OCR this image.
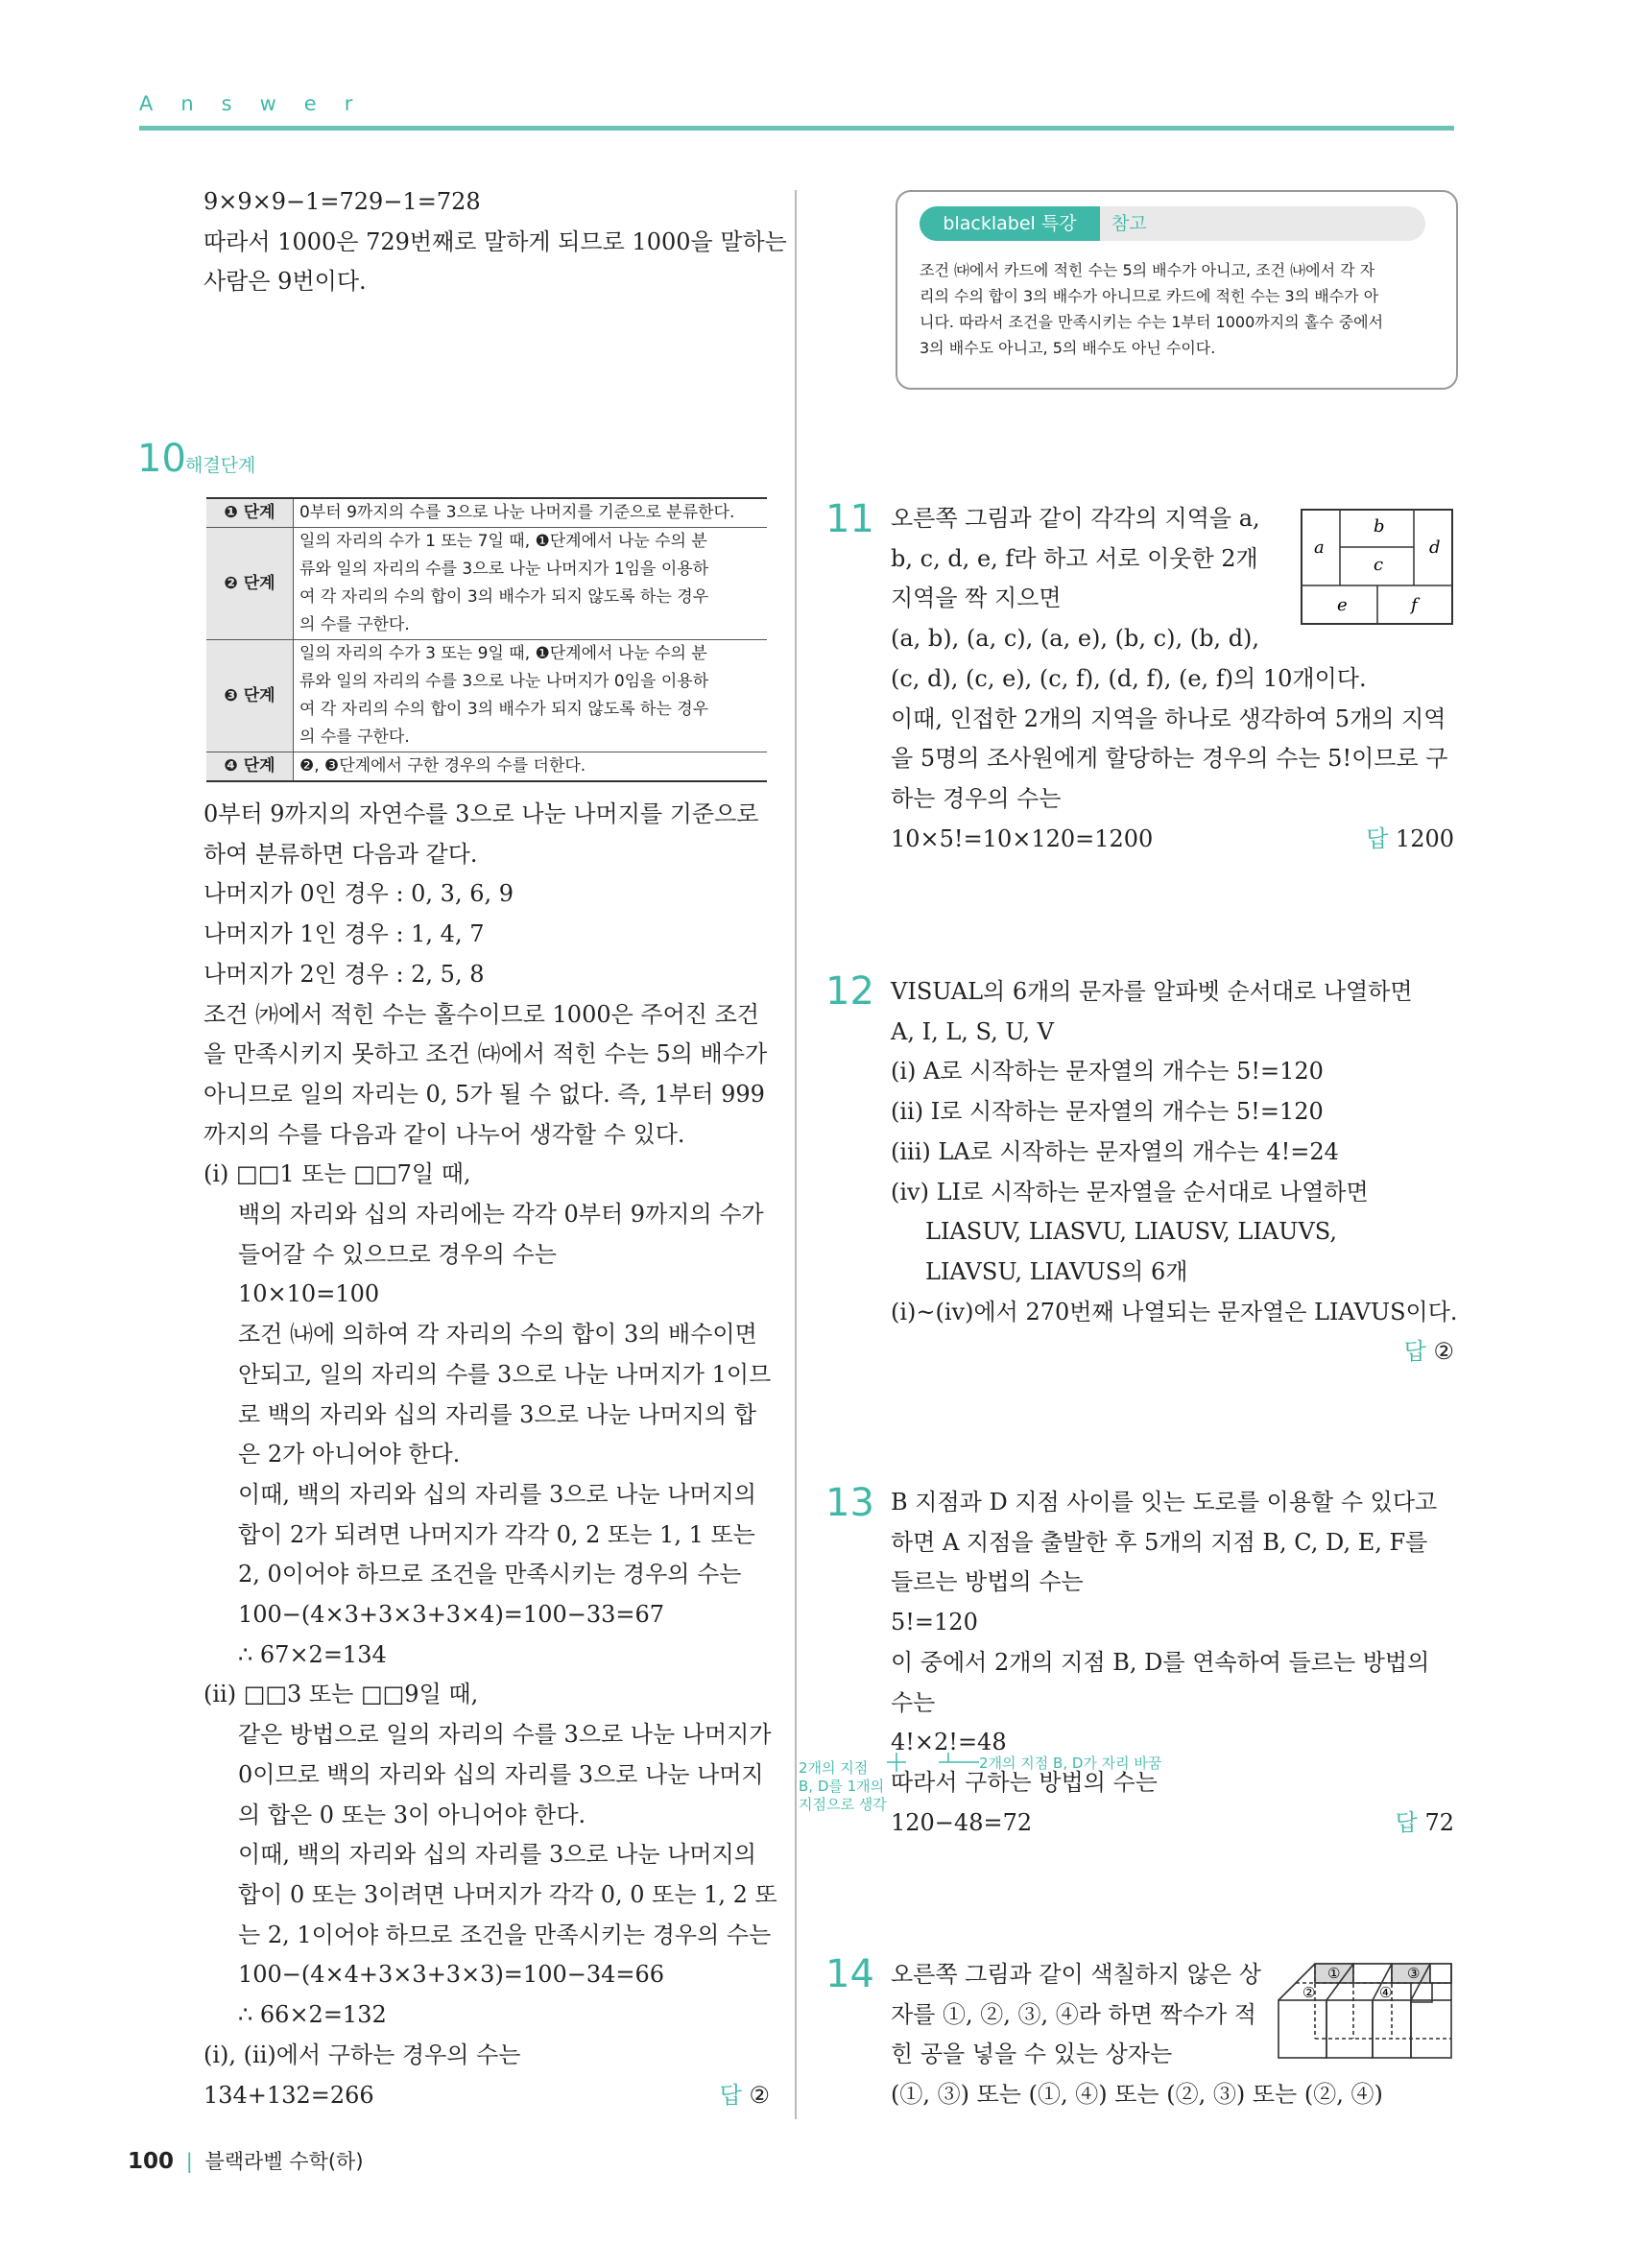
Answer

9×9×9−1=729−1=728

따라서 1000은 729번째로 말하게 되므로 1000을 말하는

사람은 9번이다.

blacklabel 특강	참고

조건 ㈐에서 카드에 적힌 수는 5의 배수가 아니고, 조건 ㈏에서 각 자

리의 수의 합이 3의 배수가 아니므로 카드에 적힌 수는 3의 배수가 아

니다. 따라서 조건을 만족시키는 수는 1부터 1000까지의 홀수 중에서

3의 배수도 아니고, 5의 배수도 아닌 수이다.

10 해결단계
❶ 단계	0부터 9까지의 수를 3으로 나눈 나머지를 기준으로 분류한다.

❷ 단계	일의 자리의 수가 1 또는 7일 때, ❶단계에서 나눈 수의 분
류와 일의 자리의 수를 3으로 나눈 나머지가 1임을 이용하
여 각 자리의 수의 합이 3의 배수가 되지 않도록 하는 경우
의 수를 구한다.

❸ 단계	일의 자리의 수가 3 또는 9일 때, ❶단계에서 나눈 수의 분
류와 일의 자리의 수를 3으로 나눈 나머지가 0임을 이용하
여 각 자리의 수의 합이 3의 배수가 되지 않도록 하는 경우
의 수를 구한다.

❹ 단계	❷, ❸단계에서 구한 경우의 수를 더한다.

0부터 9까지의 자연수를 3으로 나눈 나머지를 기준으로

하여 분류하면 다음과 같다.

나머지가 0인 경우 : 0, 3, 6, 9

나머지가 1인 경우 : 1, 4, 7

나머지가 2인 경우 : 2, 5, 8

조건 ㈎에서 적힌 수는 홀수이므로 1000은 주어진 조건

을 만족시키지 못하고 조건 ㈐에서 적힌 수는 5의 배수가

아니므로 일의 자리는 0, 5가 될 수 없다. 즉, 1부터 999

까지의 수를 다음과 같이 나누어 생각할 수 있다.

(ⅰ) □□1 또는 □□7일 때,

백의 자리와 십의 자리에는 각각 0부터 9까지의 수가

들어갈 수 있으므로 경우의 수는

10×10=100

조건 ㈏에 의하여 각 자리의 수의 합이 3의 배수이면

안되고, 일의 자리의 수를 3으로 나눈 나머지가 1이므

로 백의 자리와 십의 자리를 3으로 나눈 나머지의 합

은 2가 아니어야 한다.

이때, 백의 자리와 십의 자리를 3으로 나눈 나머지의

합이 2가 되려면 나머지가 각각 0, 2 또는 1, 1 또는

2, 0이어야 하므로 조건을 만족시키는 경우의 수는

100−(4×3+3×3+3×4)=100−33=67

∴ 67×2=134

(ⅱ) □□3 또는 □□9일 때,

같은 방법으로 일의 자리의 수를 3으로 나눈 나머지가

0이므로 백의 자리와 십의 자리를 3으로 나눈 나머지

의 합은 0 또는 3이 아니어야 한다.

이때, 백의 자리와 십의 자리를 3으로 나눈 나머지의

합이 0 또는 3이려면 나머지가 각각 0, 0 또는 1, 2 또

는 2, 1이어야 하므로 조건을 만족시키는 경우의 수는

100−(4×4+3×3+3×3)=100−34=66

∴ 66×2=132

(ⅰ), (ⅱ)에서 구하는 경우의 수는

134+132=266	답 ②

11 오른쪽 그림과 같이 각각의 지역을 a,

b, c, d, e, f라 하고 서로 이웃한 2개

지역을 짝 지으면

(a, b), (a, c), (a, e), (b, c), (b, d),

(c, d), (c, e), (c, f), (d, f), (e, f)의 10개이다.

이때, 인접한 2개의 지역을 하나로 생각하여 5개의 지역

을 5명의 조사원에게 할당하는 경우의 수는 5!이므로 구

하는 경우의 수는

10×5!=10×120=1200	답 1200

a
b
c
d
e	f
12 VISUAL의 6개의 문자를 알파벳 순서대로 나열하면

A, I, L, S, U, V

(ⅰ) A로 시작하는 문자열의 개수는 5!=120

(ⅱ) I로 시작하는 문자열의 개수는 5!=120

(ⅲ) LA로 시작하는 문자열의 개수는 4!=24

(ⅳ) LI로 시작하는 문자열을 순서대로 나열하면

LIASUV, LIASVU, LIAUSV, LIAUVS,

LIAVSU, LIAVUS의 6개

(ⅰ)~(ⅳ)에서 270번째 나열되는 문자열은 LIAVUS이다.

답 ②

13 B 지점과 D 지점 사이를 잇는 도로를 이용할 수 있다고

하면 A 지점을 출발한 후 5개의 지점 B, C, D, E, F를

들르는 방법의 수는

5!=120

이 중에서 2개의 지점 B, D를 연속하여 들르는 방법의

수는

4!×2!=48

따라서 구하는 방법의 수는

120−48=72	답 72

2개의 지점
B, D를 1개의
지점으로 생각
2개의 지점 B, D가 자리 바꿈
14 오른쪽 그림과 같이 색칠하지 않은 상

자를 ①, ②, ③, ④라 하면 짝수가 적

힌 공을 넣을 수 있는 상자는

(①, ③) 또는 (①, ④) 또는 (②, ③) 또는 (②, ④)

①
②
③
④
100 | 블랙라벨 수학(하)
